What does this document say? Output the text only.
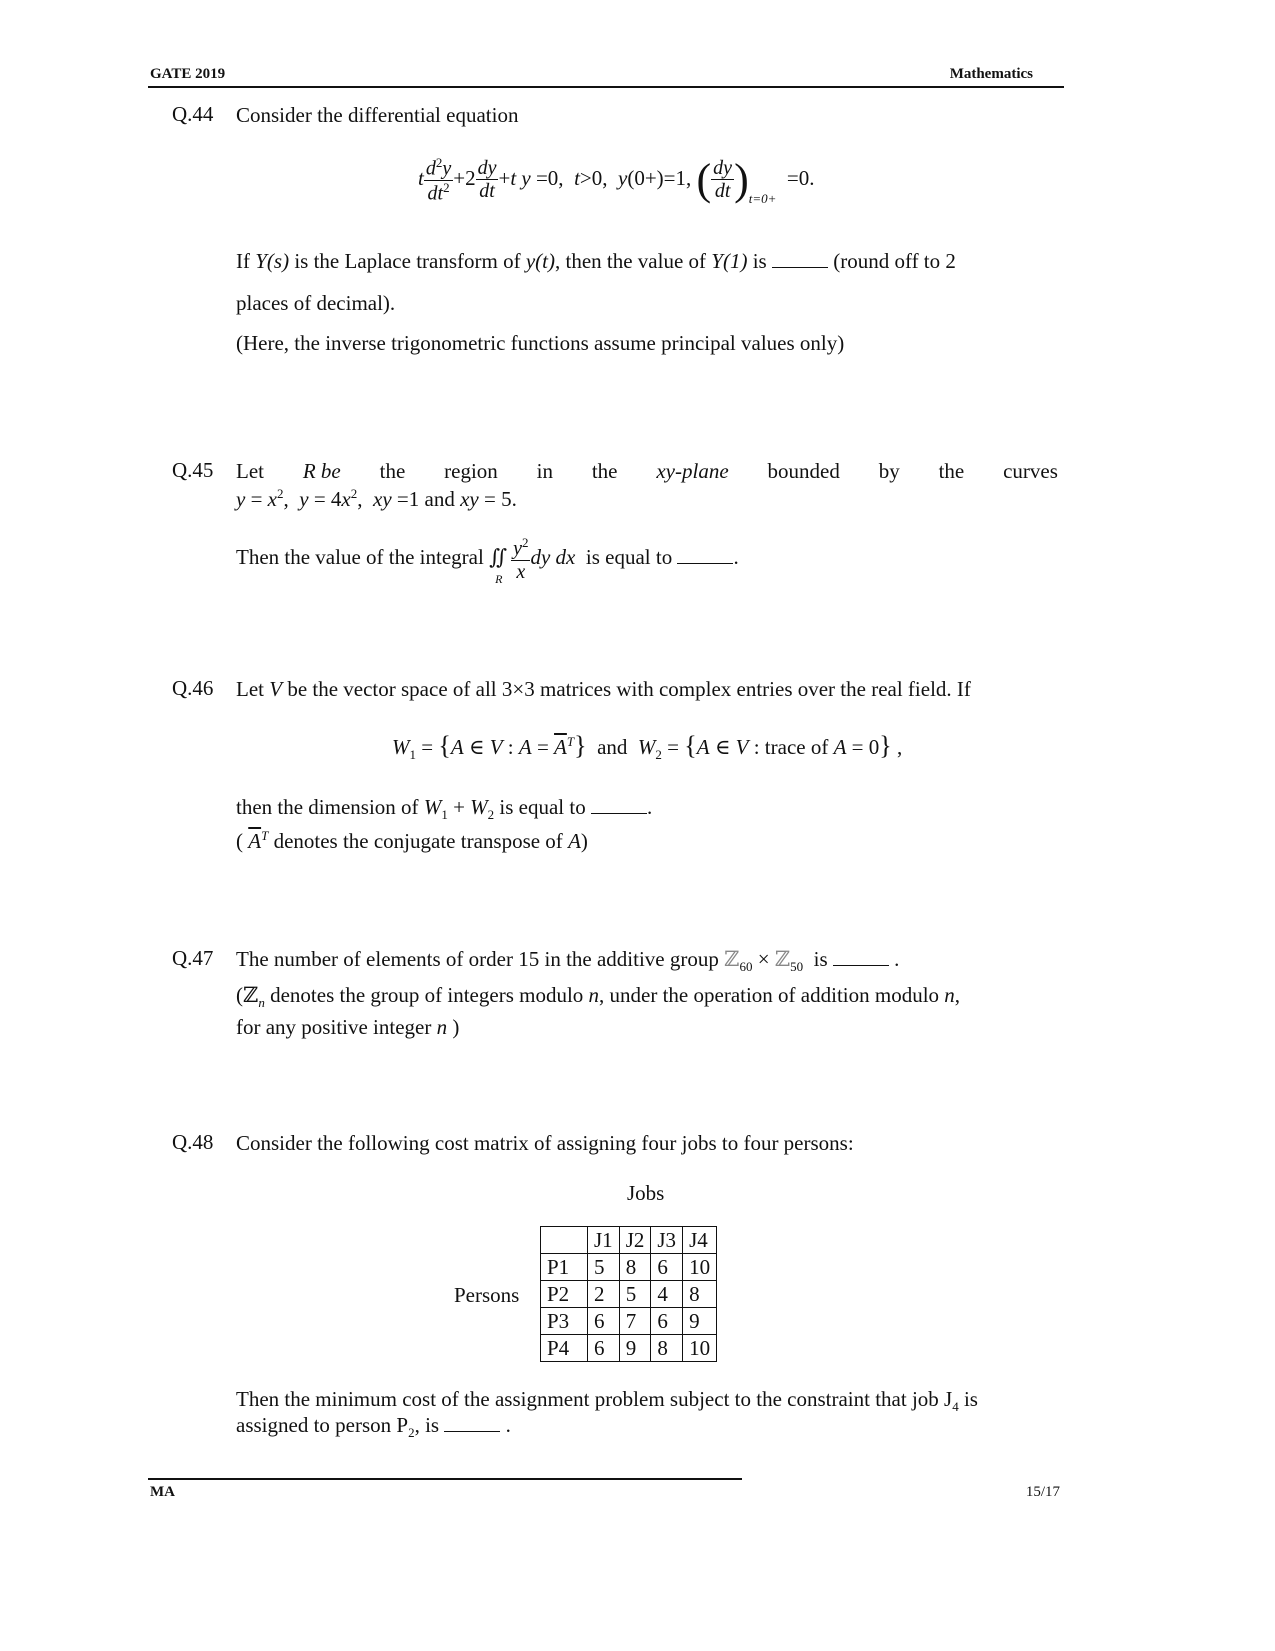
GATE 2019	Mathematics
Q.44 Consider the differential equation
t $\frac{d^2y}{dt^2} +2 \frac{dy}{dt} +t$ y =0,  t>0,  y(0+)=1, ( $\frac{dy}{dt} )_{t=0+} =0$.
If Y(s) is the Laplace transform of y(t), then the value of Y(1) is	(round off to 2
places of decimal).
(Here, the inverse trigonometric functions assume principal values only)
Q.45 Let R be the region in the xy-plane bounded by the curves
$y = x^2$,  $y = 4x^2$,  xy =1 and xy = 5.
Then the value of the integral ∬
R $\frac{y^2}{x}$ dy dx is equal to	.
Q.46 Let V be the vector space of all 3×3 matrices with complex entries over the real field. If
$W_1 = \{A$ ∈ V : $A = \overline{A}^T$} and $W_2 = \{A$ ∈ V : trace of A = 0} ,
then the dimension of $W_1 + W_2$ is equal to	.
( $\overline{A}^T$ denotes the conjugate transpose of A)
Q.47 The number of elements of order 15 in the additive group ℤ$_{60}$ × ℤ$_{50}$ is	.
(ℤ$_n$ denotes the group of integers modulo n, under the operation of addition modulo n,
for any positive integer n )
Q.48 Consider the following cost matrix of assigning four jobs to four persons:
Jobs
Persons
	J1	J2	J3	J4
P1	5	8	6	10
P2	2	5	4	8
P3	6	7	6	9
P4	6	9	8	10
Then the minimum cost of the assignment problem subject to the constraint that job $J_4$ is
assigned to person $P_2$, is	.
MA	15/17
